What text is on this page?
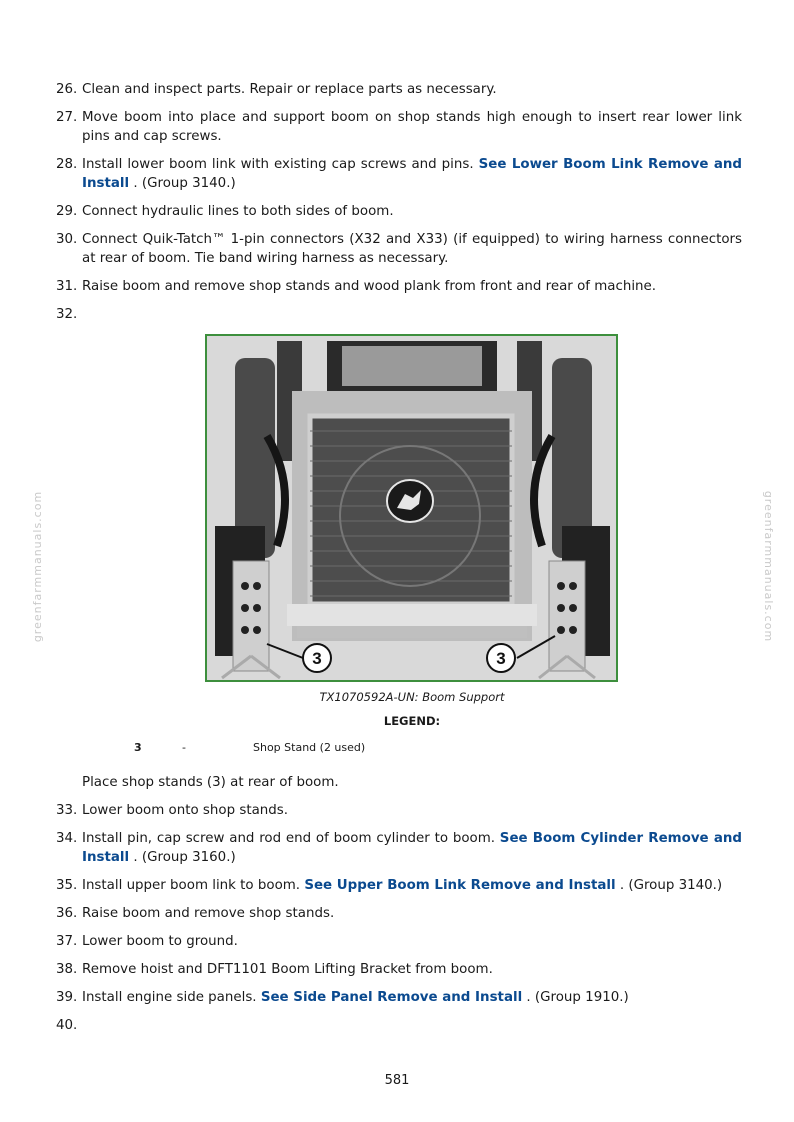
greenfarmmanuals.com	greenfarmmanuals.com
26. Clean and inspect parts. Repair or replace parts as necessary.
27. Move boom into place and support boom on shop stands high enough to insert rear lower link pins and cap screws.
28. Install lower boom link with existing cap screws and pins. See Lower Boom Link Remove and Install . (Group 3140.)
29. Connect hydraulic lines to both sides of boom.
30. Connect Quik-Tatch™ 1-pin connectors (X32 and X33) (if equipped) to wiring harness connectors at rear of boom. Tie band wiring harness as necessary.
31. Raise boom and remove shop stands and wood plank from front and rear of machine.
32.
3	3
TX1070592A-UN: Boom Support
LEGEND:
3	-	Shop Stand (2 used)
Place shop stands (3) at rear of boom.
33. Lower boom onto shop stands.
34. Install pin, cap screw and rod end of boom cylinder to boom. See Boom Cylinder Remove and Install . (Group 3160.)
35. Install upper boom link to boom. See Upper Boom Link Remove and Install . (Group 3140.)
36. Raise boom and remove shop stands.
37. Lower boom to ground.
38. Remove hoist and DFT1101 Boom Lifting Bracket from boom.
39. Install engine side panels. See Side Panel Remove and Install . (Group 1910.)
40.
581
